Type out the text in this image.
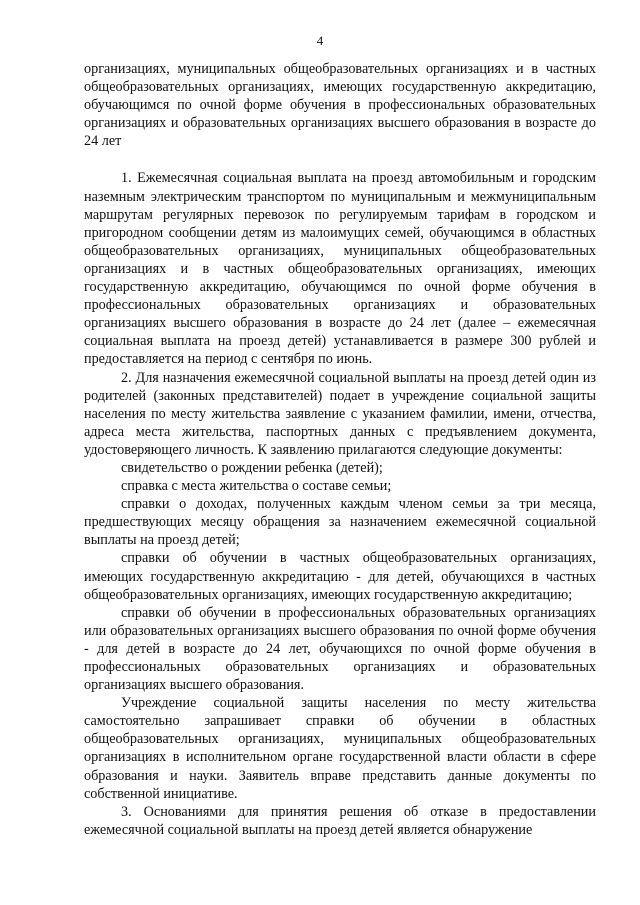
4

организациях, муниципальных общеобразовательных организациях и в частных общеобразовательных организациях, имеющих государственную аккредитацию, обучающимся по очной форме обучения в профессиональных образовательных организациях и образовательных организациях высшего образования в возрасте до 24 лет

1. Ежемесячная социальная выплата на проезд автомобильным и городским наземным электрическим транспортом по муниципальным и межмуниципальным маршрутам регулярных перевозок по регулируемым тарифам в городском и пригородном сообщении детям из малоимущих семей, обучающимся в областных общеобразовательных организациях, муниципальных общеобразовательных организациях и в частных общеобразовательных организациях, имеющих государственную аккредитацию, обучающимся по очной форме обучения в профессиональных образовательных организациях и образовательных организациях высшего образования в возрасте до 24 лет (далее – ежемесячная социальная выплата на проезд детей) устанавливается в размере 300 рублей и предоставляется на период с сентября по июнь.

2. Для назначения ежемесячной социальной выплаты на проезд детей один из родителей (законных представителей) подает в учреждение социальной защиты населения по месту жительства заявление с указанием фамилии, имени, отчества, адреса места жительства, паспортных данных с предъявлением документа, удостоверяющего личность. К заявлению прилагаются следующие документы:

свидетельство о рождении ребенка (детей);

справка с места жительства о составе семьи;

справки о доходах, полученных каждым членом семьи за три месяца, предшествующих месяцу обращения за назначением ежемесячной социальной выплаты на проезд детей;

справки об обучении в частных общеобразовательных организациях, имеющих государственную аккредитацию - для детей, обучающихся в частных общеобразовательных организациях, имеющих государственную аккредитацию;

справки об обучении в профессиональных образовательных организациях или образовательных организациях высшего образования по очной форме обучения - для детей в возрасте до 24 лет, обучающихся по очной форме обучения в профессиональных образовательных организациях и образовательных организациях высшего образования.

Учреждение социальной защиты населения по месту жительства самостоятельно запрашивает справки об обучении в областных общеобразовательных организациях, муниципальных общеобразовательных организациях в исполнительном органе государственной власти области в сфере образования и науки. Заявитель вправе представить данные документы по собственной инициативе.

3. Основаниями для принятия решения об отказе в предоставлении ежемесячной социальной выплаты на проезд детей является обнаружение
